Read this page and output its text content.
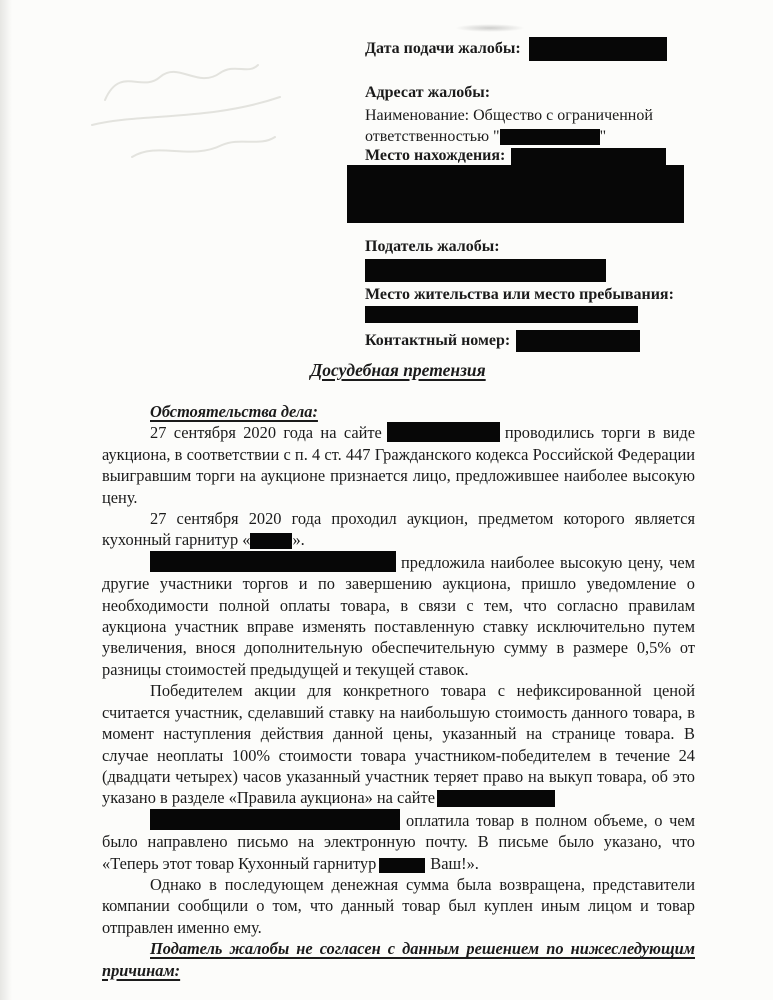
Дата подачи жалобы:
Адресат жалобы:
Наименование: Общество с ограниченной
ответственностью "	"
Место нахождения:
Податель жалобы:
Место жительства или место пребывания:
Контактный номер:
Досудебная претензия

Обстоятельства дела:

27 сентября 2020 года на сайте	проводились торги в виде аукциона, в соответствии с п. 4 ст. 447 Гражданского кодекса Российской Федерации выигравшим торги на аукционе признается лицо, предложившее наиболее высокую цену.

27 сентября 2020 года проходил аукцион, предметом которого является кухонный гарнитур «	».

предложила наиболее высокую цену, чем другие участники торгов и по завершению аукциона, пришло уведомление о необходимости полной оплаты товара, в связи с тем, что согласно правилам аукциона участник вправе изменять поставленную ставку исключительно путем увеличения, внося дополнительную обеспечительную сумму в размере 0,5% от разницы стоимостей предыдущей и текущей ставок.

Победителем акции для конкретного товара с нефиксированной ценой считается участник, сделавший ставку на наибольшую стоимость данного товара, в момент наступления действия данной цены, указанный на странице товара. В случае неоплаты 100% стоимости товара участником-победителем в течение 24 (двадцати четырех) часов указанный участник теряет право на выкуп товара, об это указано в разделе «Правила аукциона» на сайте

оплатила товар в полном объеме, о чем было направлено письмо на электронную почту. В письме было указано, что «Теперь этот товар Кухонный гарнитур	Ваш!».

Однако в последующем денежная сумма была возвращена, представители компании сообщили о том, что данный товар был куплен иным лицом и товар отправлен именно ему.

Податель жалобы не согласен с данным решением по нижеследующим причинам:
